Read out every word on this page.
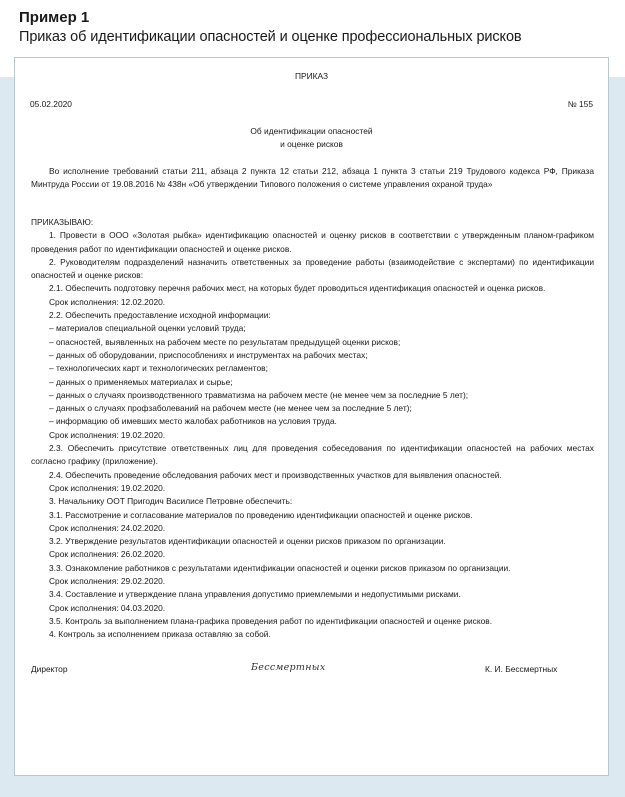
Пример 1
Приказ об идентификации опасностей и оценке профессиональных рисков
ПРИКАЗ
05.02.2020	№ 155
Об идентификации опасностей
и оценке рисков
Во исполнение требований статьи 211, абзаца 2 пункта 12 статьи 212, абзаца 1 пункта 3 статьи 219 Трудового кодекса РФ, Приказа Минтруда России от 19.08.2016 № 438н «Об утверждении Типового положения о системе управления охраной труда»
ПРИКАЗЫВАЮ:
1. Провести в ООО «Золотая рыбка» идентификацию опасностей и оценку рисков в соответствии с утвержденным планом-графиком проведения работ по идентификации опасностей и оценке рисков.
2. Руководителям подразделений назначить ответственных за проведение работы (взаимодействие с экспертами) по идентификации опасностей и оценке рисков:
2.1. Обеспечить подготовку перечня рабочих мест, на которых будет проводиться идентификация опасностей и оценка рисков.
Срок исполнения: 12.02.2020.
2.2. Обеспечить предоставление исходной информации:
– материалов специальной оценки условий труда;
– опасностей, выявленных на рабочем месте по результатам предыдущей оценки рисков;
– данных об оборудовании, приспособлениях и инструментах на рабочих местах;
– технологических карт и технологических регламентов;
– данных о применяемых материалах и сырье;
– данных о случаях производственного травматизма на рабочем месте (не менее чем за последние 5 лет);
– данных о случаях профзаболеваний на рабочем месте (не менее чем за последние 5 лет);
– информацию об имевших место жалобах работников на условия труда.
Срок исполнения: 19.02.2020.
2.3. Обеспечить присутствие ответственных лиц для проведения собеседования по идентификации опасностей на рабочих местах согласно графику (приложение).
2.4. Обеспечить проведение обследования рабочих мест и производственных участков для выявления опасностей.
Срок исполнения: 19.02.2020.
3. Начальнику ООТ Пригодич Василисе Петровне обеспечить:
3.1. Рассмотрение и согласование материалов по проведению идентификации опасностей и оценке рисков.
Срок исполнения: 24.02.2020.
3.2. Утверждение результатов идентификации опасностей и оценки рисков приказом по организации.
Срок исполнения: 26.02.2020.
3.3. Ознакомление работников с результатами идентификации опасностей и оценки рисков приказом по организации.
Срок исполнения: 29.02.2020.
3.4. Составление и утверждение плана управления допустимо приемлемыми и недопустимыми рисками.
Срок исполнения: 04.03.2020.
3.5. Контроль за выполнением плана-графика проведения работ по идентификации опасностей и оценке рисков.
4. Контроль за исполнением приказа оставляю за собой.
Директор	Бессмертных	К. И. Бессмертных
